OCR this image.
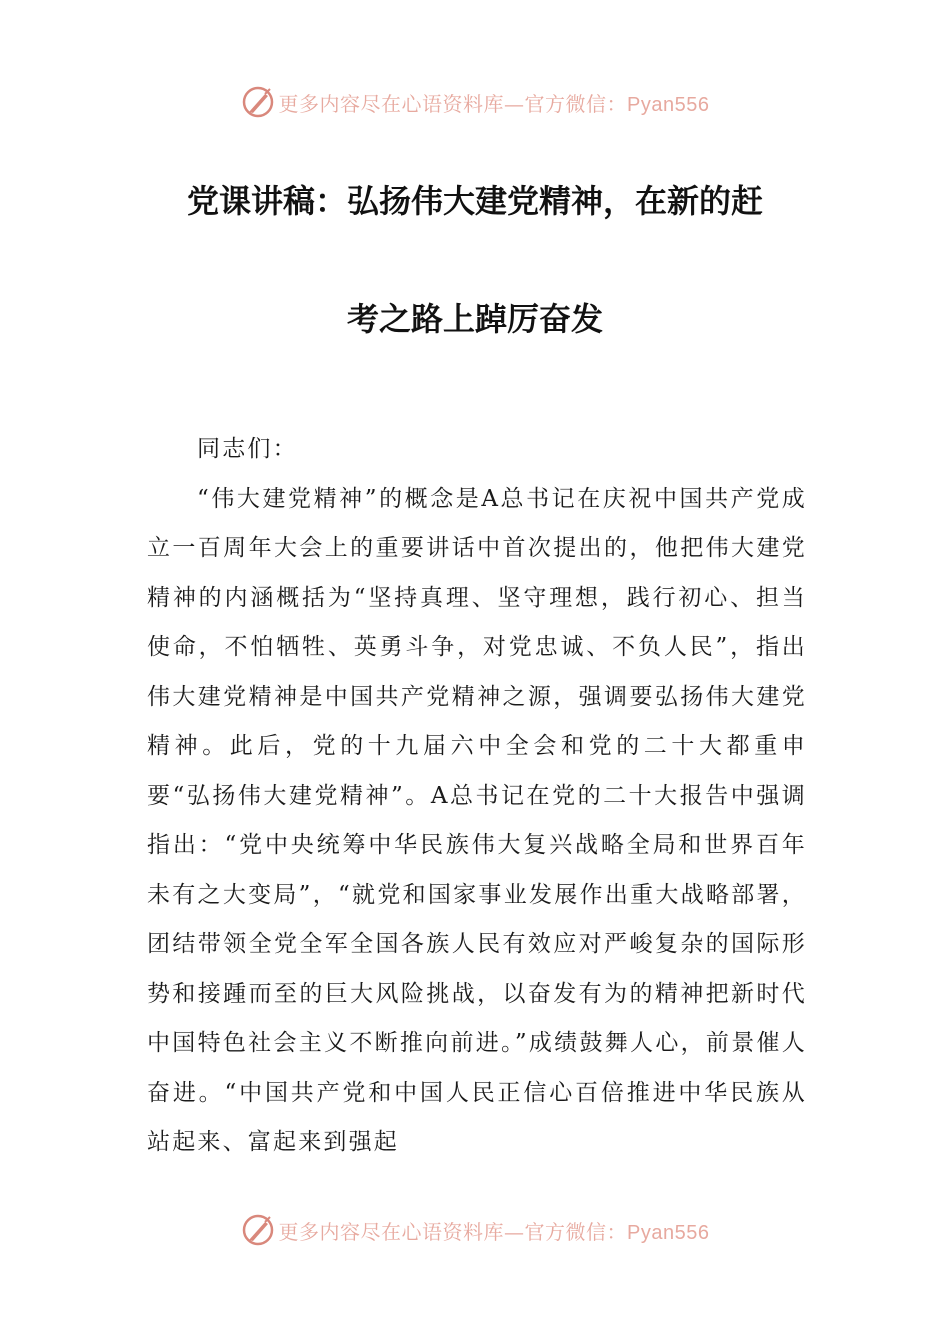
更多内容尽在心语资料库—官方微信：Pyan556
党课讲稿：弘扬伟大建党精神，在新的赶
考之路上踔厉奋发

同志们：

“伟大建党精神”的概念是A总书记在庆祝中国共产党成立一百周年大会上的重要讲话中首次提出的，他把伟大建党精神的内涵概括为“坚持真理、坚守理想，践行初心、担当使命，不怕牺牲、英勇斗争，对党忠诚、不负人民”，指出伟大建党精神是中国共产党精神之源，强调要弘扬伟大建党精神。此后，党的十九届六中全会和党的二十大都重申要“弘扬伟大建党精神”。A总书记在党的二十大报告中强调指出：“党中央统筹中华民族伟大复兴战略全局和世界百年未有之大变局”，“就党和国家事业发展作出重大战略部署，团结带领全党全军全国各族人民有效应对严峻复杂的国际形势和接踵而至的巨大风险挑战，以奋发有为的精神把新时代中国特色社会主义不断推向前进。”成绩鼓舞人心，前景催人奋进。“中国共产党和中国人民正信心百倍推进中华民族从站起来、富起来到强起

更多内容尽在心语资料库—官方微信：Pyan556
